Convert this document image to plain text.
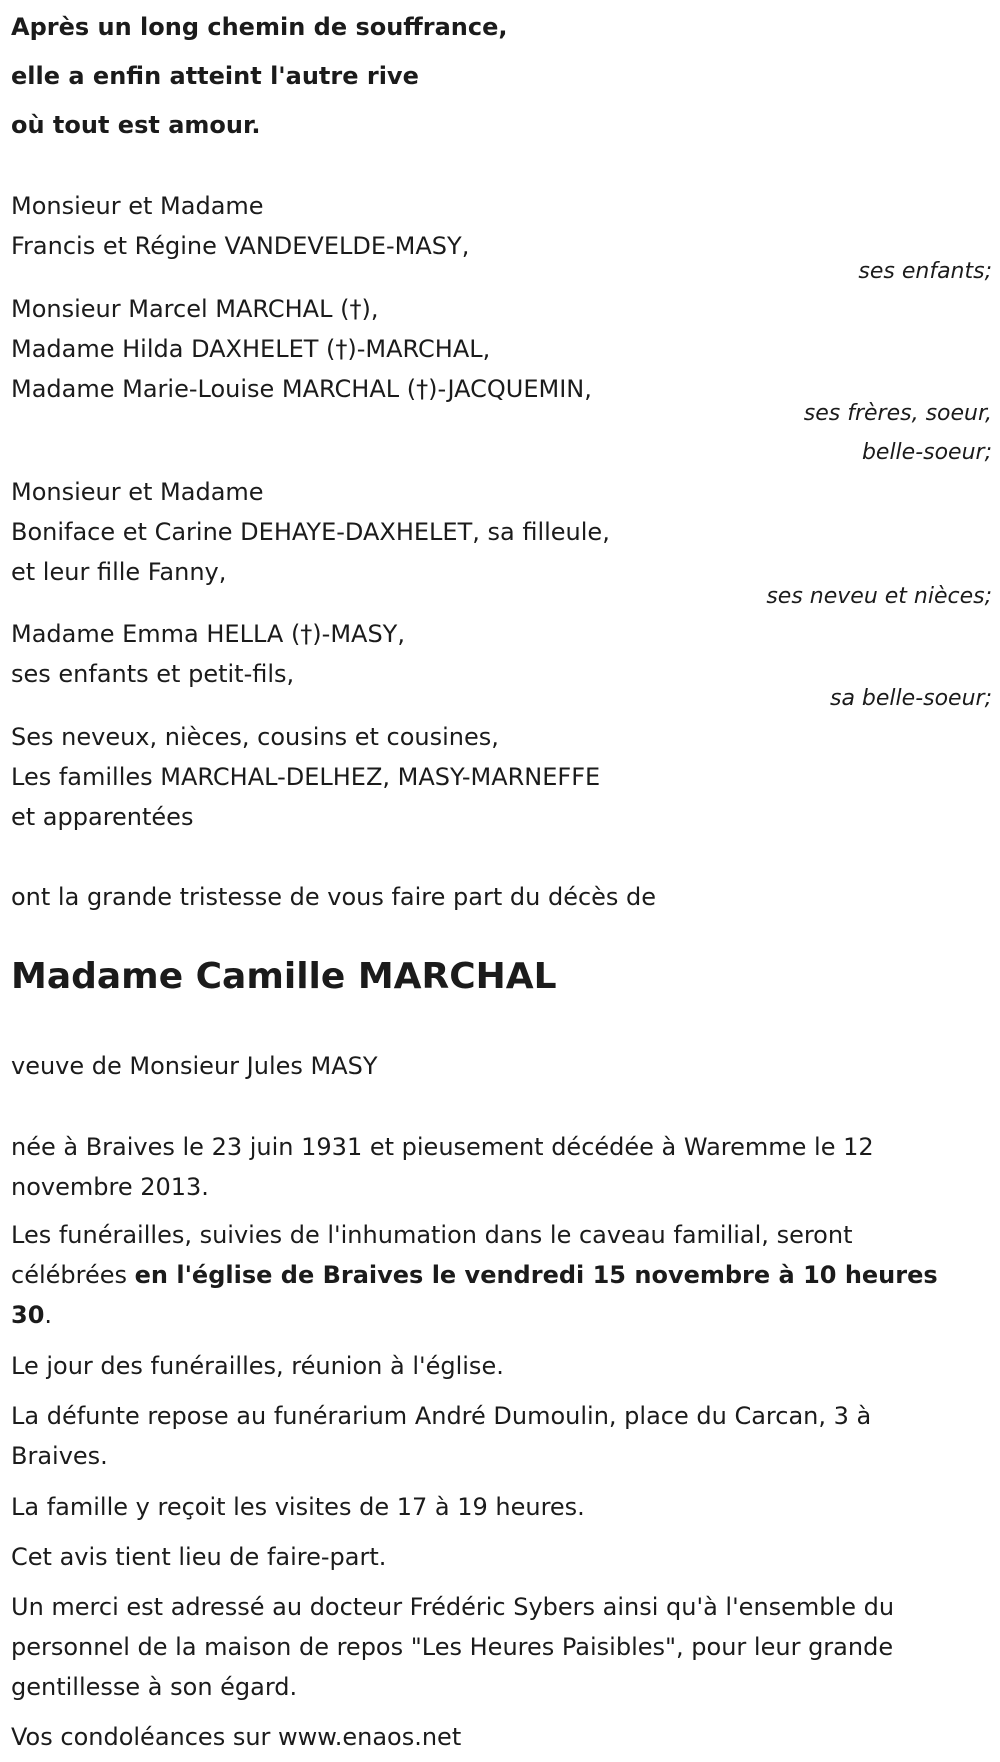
Après un long chemin de souffrance,

elle a enfin atteint l'autre rive

où tout est amour.

Monsieur et Madame

Francis et Régine VANDEVELDE-MASY,

ses enfants;

Monsieur Marcel MARCHAL (†),

Madame Hilda DAXHELET (†)-MARCHAL,

Madame Marie-Louise MARCHAL (†)-JACQUEMIN,

ses frères, soeur,

belle-soeur;

Monsieur et Madame

Boniface et Carine DEHAYE-DAXHELET, sa filleule,

et leur fille Fanny,

ses neveu et nièces;

Madame Emma HELLA (†)-MASY,

ses enfants et petit-fils,

sa belle-soeur;

Ses neveux, nièces, cousins et cousines,

Les familles MARCHAL-DELHEZ, MASY-MARNEFFE

et apparentées

ont la grande tristesse de vous faire part du décès de

Madame Camille MARCHAL

veuve de Monsieur Jules MASY

née à Braives le 23 juin 1931 et pieusement décédée à Waremme le 12 novembre 2013.

Les funérailles, suivies de l'inhumation dans le caveau familial, seront célébrées en l'église de Braives le vendredi 15 novembre à 10 heures 30.

Le jour des funérailles, réunion à l'église.

La défunte repose au funérarium André Dumoulin, place du Carcan, 3 à Braives.

La famille y reçoit les visites de 17 à 19 heures.

Cet avis tient lieu de faire-part.

Un merci est adressé au docteur Frédéric Sybers ainsi qu'à l'ensemble du personnel de la maison de repos "Les Heures Paisibles", pour leur grande gentillesse à son égard.

Vos condoléances sur www.enaos.net
